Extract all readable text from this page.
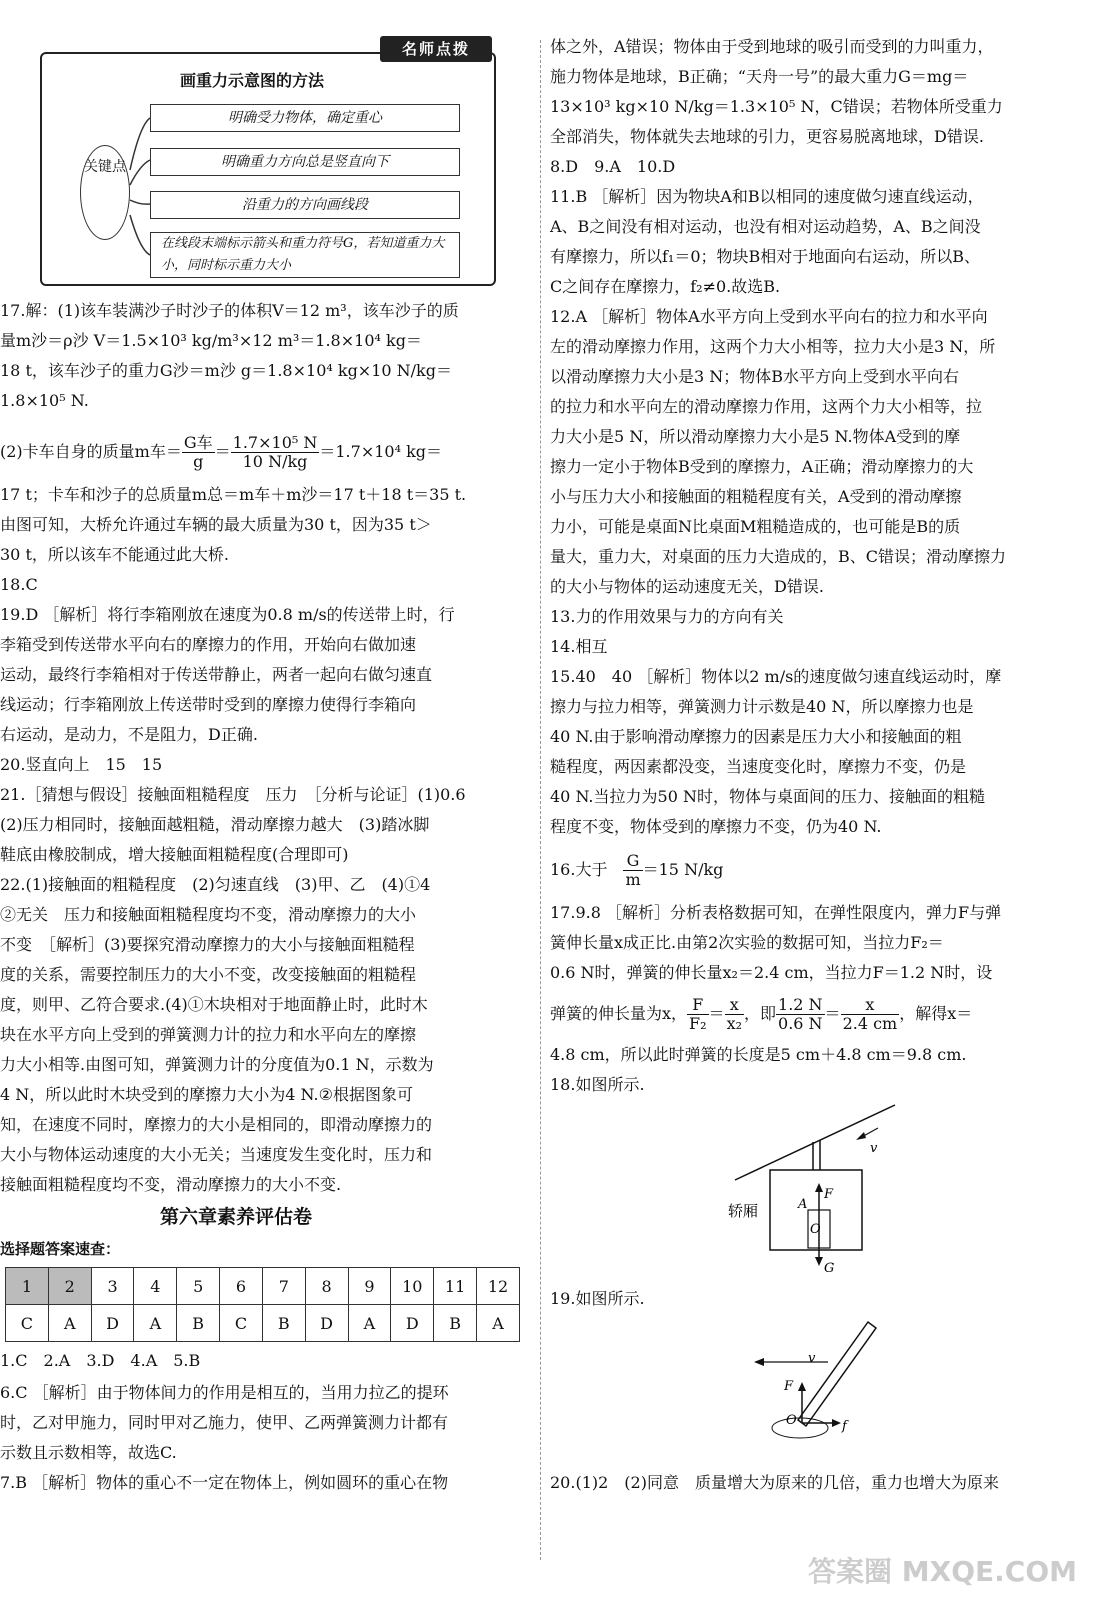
名师点拨
画重力示意图的方法
关键点
明确受力物体，确定重心
明确重力方向总是竖直向下
沿重力的方向画线段
在线段末端标示箭头和重力符号G，若知道重力大小，同时标示重力大小
17.解：(1)该车装满沙子时沙子的体积V＝12 m³，该车沙子的质
量m沙＝ρ沙 V＝1.5×10³ kg/m³×12 m³＝1.8×10⁴ kg＝
18 t，该车沙子的重力G沙＝m沙 g＝1.8×10⁴ kg×10 N/kg＝
1.8×10⁵ N.
(2)卡车自身的质量m车＝ $\frac{\text{G车}}{g} = \frac{\text{1.7×10⁵ N}}{10 N/kg} =1.7\times 10^4$ kg＝
17 t；卡车和沙子的总质量m总＝m车＋m沙＝17 t＋18 t＝35 t.
由图可知，大桥允许通过车辆的最大质量为30 t，因为35 t＞
30 t，所以该车不能通过此大桥.
18.C
19.D ［解析］将行李箱刚放在速度为0.8 m/s的传送带上时，行
李箱受到传送带水平向右的摩擦力的作用，开始向右做加速
运动，最终行李箱相对于传送带静止，两者一起向右做匀速直
线运动；行李箱刚放上传送带时受到的摩擦力使得行李箱向
右运动，是动力，不是阻力，D正确.
20.竖直向上　15　15
21.［猜想与假设］接触面粗糙程度　压力　［分析与论证］(1)0.6
(2)压力相同时，接触面越粗糙，滑动摩擦力越大　(3)踏冰脚
鞋底由橡胶制成，增大接触面粗糙程度(合理即可)
22.(1)接触面的粗糙程度　(2)匀速直线　(3)甲、乙　(4)①4
②无关　压力和接触面粗糙程度均不变，滑动摩擦力的大小
不变　［解析］(3)要探究滑动摩擦力的大小与接触面粗糙程
度的关系，需要控制压力的大小不变，改变接触面的粗糙程
度，则甲、乙符合要求.(4)①木块相对于地面静止时，此时木
块在水平方向上受到的弹簧测力计的拉力和水平向左的摩擦
力大小相等.由图可知，弹簧测力计的分度值为0.1 N，示数为
4 N，所以此时木块受到的摩擦力大小为4 N.②根据图象可
知，在速度不同时，摩擦力的大小是相同的，即滑动摩擦力的
大小与物体运动速度的大小无关；当速度发生变化时，压力和
接触面粗糙程度均不变，滑动摩擦力的大小不变.
第六章素养评估卷
选择题答案速查：
1	2	3	4	5	6	7	8	9	10	11	12
C	A	D	A	B	C	B	D	A	D	B	A
1.C　2.A　3.D　4.A　5.B
6.C ［解析］由于物体间力的作用是相互的，当用力拉乙的提环
时，乙对甲施力，同时甲对乙施力，使甲、乙两弹簧测力计都有
示数且示数相等，故选C.
7.B ［解析］物体的重心不一定在物体上，例如圆环的重心在物
体之外，A错误；物体由于受到地球的吸引而受到的力叫重力，
施力物体是地球，B正确；“天舟一号”的最大重力G＝mg＝
13×10³ kg×10 N/kg＝1.3×10⁵ N，C错误；若物体所受重力
全部消失，物体就失去地球的引力，更容易脱离地球，D错误.
8.D　9.A　10.D
11.B ［解析］因为物块A和B以相同的速度做匀速直线运动，
A、B之间没有相对运动，也没有相对运动趋势，A、B之间没
有摩擦力，所以f₁＝0；物块B相对于地面向右运动，所以B、
C之间存在摩擦力，f₂≠0.故选B.
12.A ［解析］物体A水平方向上受到水平向右的拉力和水平向
左的滑动摩擦力作用，这两个力大小相等，拉力大小是3 N，所
以滑动摩擦力大小是3 N；物体B水平方向上受到水平向右
的拉力和水平向左的滑动摩擦力作用，这两个力大小相等，拉
力大小是5 N，所以滑动摩擦力大小是5 N.物体A受到的摩
擦力一定小于物体B受到的摩擦力，A正确；滑动摩擦力的大
小与压力大小和接触面的粗糙程度有关，A受到的滑动摩擦
力小，可能是桌面N比桌面M粗糙造成的，也可能是B的质
量大，重力大，对桌面的压力大造成的，B、C错误；滑动摩擦力
的大小与物体的运动速度无关，D错误.
13.力的作用效果与力的方向有关
14.相互
15.40　40 ［解析］物体以2 m/s的速度做匀速直线运动时，摩
擦力与拉力相等，弹簧测力计示数是40 N，所以摩擦力也是
40 N.由于影响滑动摩擦力的因素是压力大小和接触面的粗
糙程度，两因素都没变，当速度变化时，摩擦力不变，仍是
40 N.当拉力为50 N时，物体与桌面间的压力、接触面的粗糙
程度不变，物体受到的摩擦力不变，仍为40 N.
16.大于　 $\frac{G}{m} =15$ N/kg
17.9.8 ［解析］分析表格数据可知，在弹性限度内，弹力F与弹
簧伸长量x成正比.由第2次实验的数据可知，当拉力F₂＝
0.6 N时，弹簧的伸长量x₂＝2.4 cm，当拉力F＝1.2 N时，设
弹簧的伸长量为x， $\frac{F}{\text{F₂}} = \frac{x}{\text{x₂}}$ ，即 $\frac{1.2 N}{0.6 N} = \frac{x}{2.4 cm}$ ，解得x＝
4.8 cm，所以此时弹簧的长度是5 cm＋4.8 cm＝9.8 cm.
18.如图所示.
轿厢	A
F
O
G
v
19.如图所示.
v
F
O	f
20.(1)2　(2)同意　质量增大为原来的几倍，重力也增大为原来
答案圈 MXQE.COM
